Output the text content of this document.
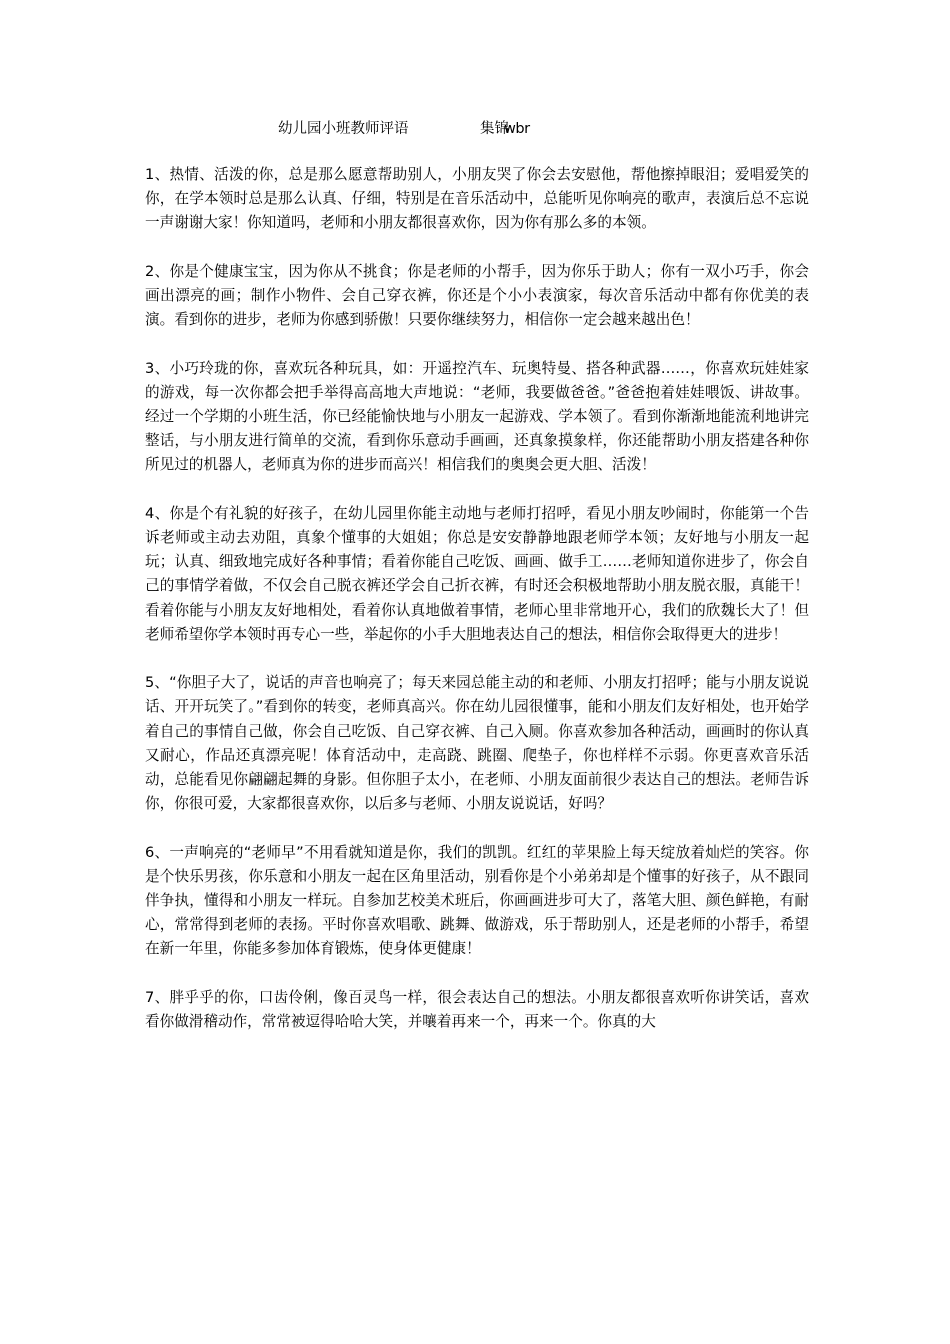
幼儿园小班教师评语	集锦
wbr

1、热情、活泼的你，总是那么愿意帮助别人，小朋友哭了你会去安慰他，帮他擦掉眼泪；爱唱爱笑的你，在学本领时总是那么认真、仔细，特别是在音乐活动中，总能听见你响亮的歌声，表演后总不忘说一声谢谢大家！你知道吗，老师和小朋友都很喜欢你，因为你有那么多的本领。

2、你是个健康宝宝，因为你从不挑食；你是老师的小帮手，因为你乐于助人；你有一双小巧手，你会画出漂亮的画；制作小物件、会自己穿衣裤，你还是个小小表演家，每次音乐活动中都有你优美的表演。看到你的进步，老师为你感到骄傲！只要你继续努力，相信你一定会越来越出色！

3、小巧玲珑的你，喜欢玩各种玩具，如：开遥控汽车、玩奥特曼、搭各种武器……，你喜欢玩娃娃家的游戏，每一次你都会把手举得高高地大声地说：“老师，我要做爸爸。”爸爸抱着娃娃喂饭、讲故事。经过一个学期的小班生活，你已经能愉快地与小朋友一起游戏、学本领了。看到你渐渐地能流利地讲完整话，与小朋友进行简单的交流，看到你乐意动手画画，还真象摸象样，你还能帮助小朋友搭建各种你所见过的机器人，老师真为你的进步而高兴！相信我们的奥奥会更大胆、活泼！

4、你是个有礼貌的好孩子，在幼儿园里你能主动地与老师打招呼，看见小朋友吵闹时，你能第一个告诉老师或主动去劝阻，真象个懂事的大姐姐；你总是安安静静地跟老师学本领；友好地与小朋友一起玩；认真、细致地完成好各种事情；看着你能自己吃饭、画画、做手工……老师知道你进步了，你会自己的事情学着做，不仅会自己脱衣裤还学会自己折衣裤，有时还会积极地帮助小朋友脱衣服，真能干！看着你能与小朋友友好地相处，看着你认真地做着事情，老师心里非常地开心，我们的欣魏长大了！但老师希望你学本领时再专心一些，举起你的小手大胆地表达自己的想法，相信你会取得更大的进步！

5、“你胆子大了，说话的声音也响亮了；每天来园总能主动的和老师、小朋友打招呼；能与小朋友说说话、开开玩笑了。”看到你的转变，老师真高兴。你在幼儿园很懂事，能和小朋友们友好相处，也开始学着自己的事情自己做，你会自己吃饭、自己穿衣裤、自己入厕。你喜欢参加各种活动，画画时的你认真又耐心，作品还真漂亮呢！体育活动中，走高跷、跳圈、爬垫子，你也样样不示弱。你更喜欢音乐活动，总能看见你翩翩起舞的身影。但你胆子太小，在老师、小朋友面前很少表达自己的想法。老师告诉你，你很可爱，大家都很喜欢你，以后多与老师、小朋友说说话，好吗？

6、一声响亮的“老师早”不用看就知道是你，我们的凯凯。红红的苹果脸上每天绽放着灿烂的笑容。你是个快乐男孩，你乐意和小朋友一起在区角里活动，别看你是个小弟弟却是个懂事的好孩子，从不跟同伴争执，懂得和小朋友一样玩。自参加艺校美术班后，你画画进步可大了，落笔大胆、颜色鲜艳，有耐心，常常得到老师的表扬。平时你喜欢唱歌、跳舞、做游戏，乐于帮助别人，还是老师的小帮手，希望在新一年里，你能多参加体育锻炼，使身体更健康！

7、胖乎乎的你，口齿伶俐，像百灵鸟一样，很会表达自己的想法。小朋友都很喜欢听你讲笑话，喜欢看你做滑稽动作，常常被逗得哈哈大笑，并嚷着再来一个，再来一个。你真的大
